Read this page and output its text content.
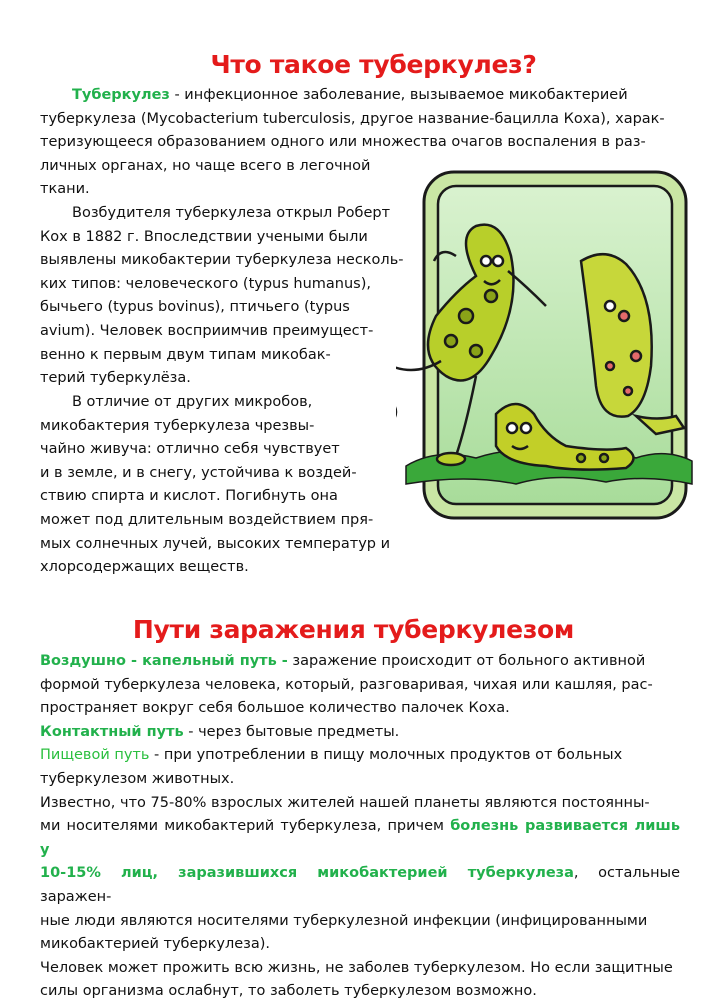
Что такое туберкулез?
Туберкулез - инфекционное заболевание, вызываемое микобактерией
туберкулеза (Mycobacterium tuberculosis, другое название-бацилла Коха), харак-
теризующееся образованием одного или множества очагов воспаления в раз-
личных органах, но чаще всего в легочной
ткани.
Возбудителя туберкулеза открыл Роберт
Кох в 1882 г. Впоследствии учеными были
выявлены микобактерии туберкулеза несколь-
ких типов: человеческого (typus humanus),
бычьего (typus bovinus), птичьего (typus
avium). Человек восприимчив преимущест-
венно к первым двум типам микобак-
терий туберкулёза.
В отличие от других микробов,
микобактерия туберкулеза чрезвы-
чайно живуча: отлично себя чувствует
и в земле, и в снегу, устойчива к воздей-
ствию спирта и кислот. Погибнуть она
может под длительным воздействием пря-
мых солнечных лучей, высоких температур и
хлорсодержащих веществ.
Пути заражения туберкулезом
Воздушно - капельный путь - заражение происходит от больного активной
формой туберкулеза человека, который, разговаривая, чихая или кашляя, рас-
пространяет вокруг себя большое количество палочек Коха.
Контактный путь - через бытовые предметы.
Пищевой путь - при употреблении в пищу молочных продуктов от больных
туберкулезом животных.
Известно, что 75-80% взрослых жителей нашей планеты являются постоянны-
ми носителями микобактерий туберкулеза, причем болезнь развивается лишь у
10-15% лиц, заразившихся микобактерией туберкулеза, остальные заражен-
ные люди являются носителями туберкулезной инфекции (инфицированными
микобактерией туберкулеза).
Человек может прожить всю жизнь, не заболев туберкулезом. Но если защитные
силы организма ослабнут, то заболеть туберкулезом возможно.
